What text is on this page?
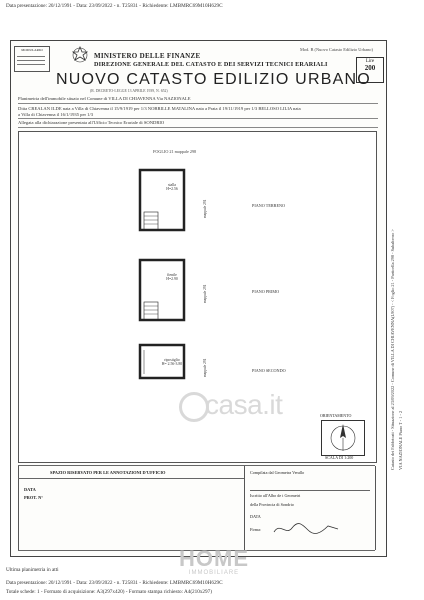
Data presentazione: 20/12/1991 - Data: 23/09/2022 - n. T25831 - Richiedente: LMBMRC69M10H629C
MODULARIO
MINISTERO DELLE FINANZE
DIREZIONE GENERALE DEL CATASTO E DEI SERVIZI TECNICI ERARIALI
Mod. B (Nuovo Catasto Edilizio Urbano)
Lire
200
NUOVO CATASTO EDILIZIO URBANO
(R. DECRETO-LEGGE 13 APRILE 1939, N. 652)
Planimetria dell'immobile situato nel Comune di VILLA DI CHIAVENNA Via NAZIONALE
Ditta CREALAN ILDE nata a Villa di Chiavenna il 15/9/1919 per 1/3 NOBRILLE MATALINA nata a Prata il 19/11/1919 per 1/3 BELLOSO LILIA nata
a Villa di Chiavenna il 16/1/1935 per 1/3
Allegata alla dichiarazione presentata all'Ufficio Tecnico Erariale di SONDRIO
FOGLIO 21 mappale 298
stalla
H=2.56
fienile
H=2.90
ripostiglio
H= 2.56-3.80
mappale 291
mappale 291
mappale 291
PIANO TERRENO
PIANO PRIMO
PIANO SECONDO
casa.it	ORIENTAMENTO
SCALA DI 1:200
SPAZIO RISERVATO PER LE ANNOTAZIONI D'UFFICIO
DATA
PROT. N°
Compilata dal Geometra Verallo
Iscritto all'Albo de i Geometri
della Provincia di Sondrio
DATA
Firma:
Catasto dei Fabbricati - Situazione al 23/09/2022 - Comune di VILLA DI CHIAVENNA(L907) - < Foglio 21 - Particella 298 - Subalterno > VIA NAZIONALE Piano T - 1 - 2
Ultima planimetria in atti
Data presentazione: 20/12/1991 - Data: 23/09/2022 - n. T25831 - Richiedente: LMBMRC69M10H629C
Totale schede: 1 - Formato di acquisizione: A3(297x420) - Formato stampa richiesto: A4(210x297)
HOME
IMMOBILIARE
